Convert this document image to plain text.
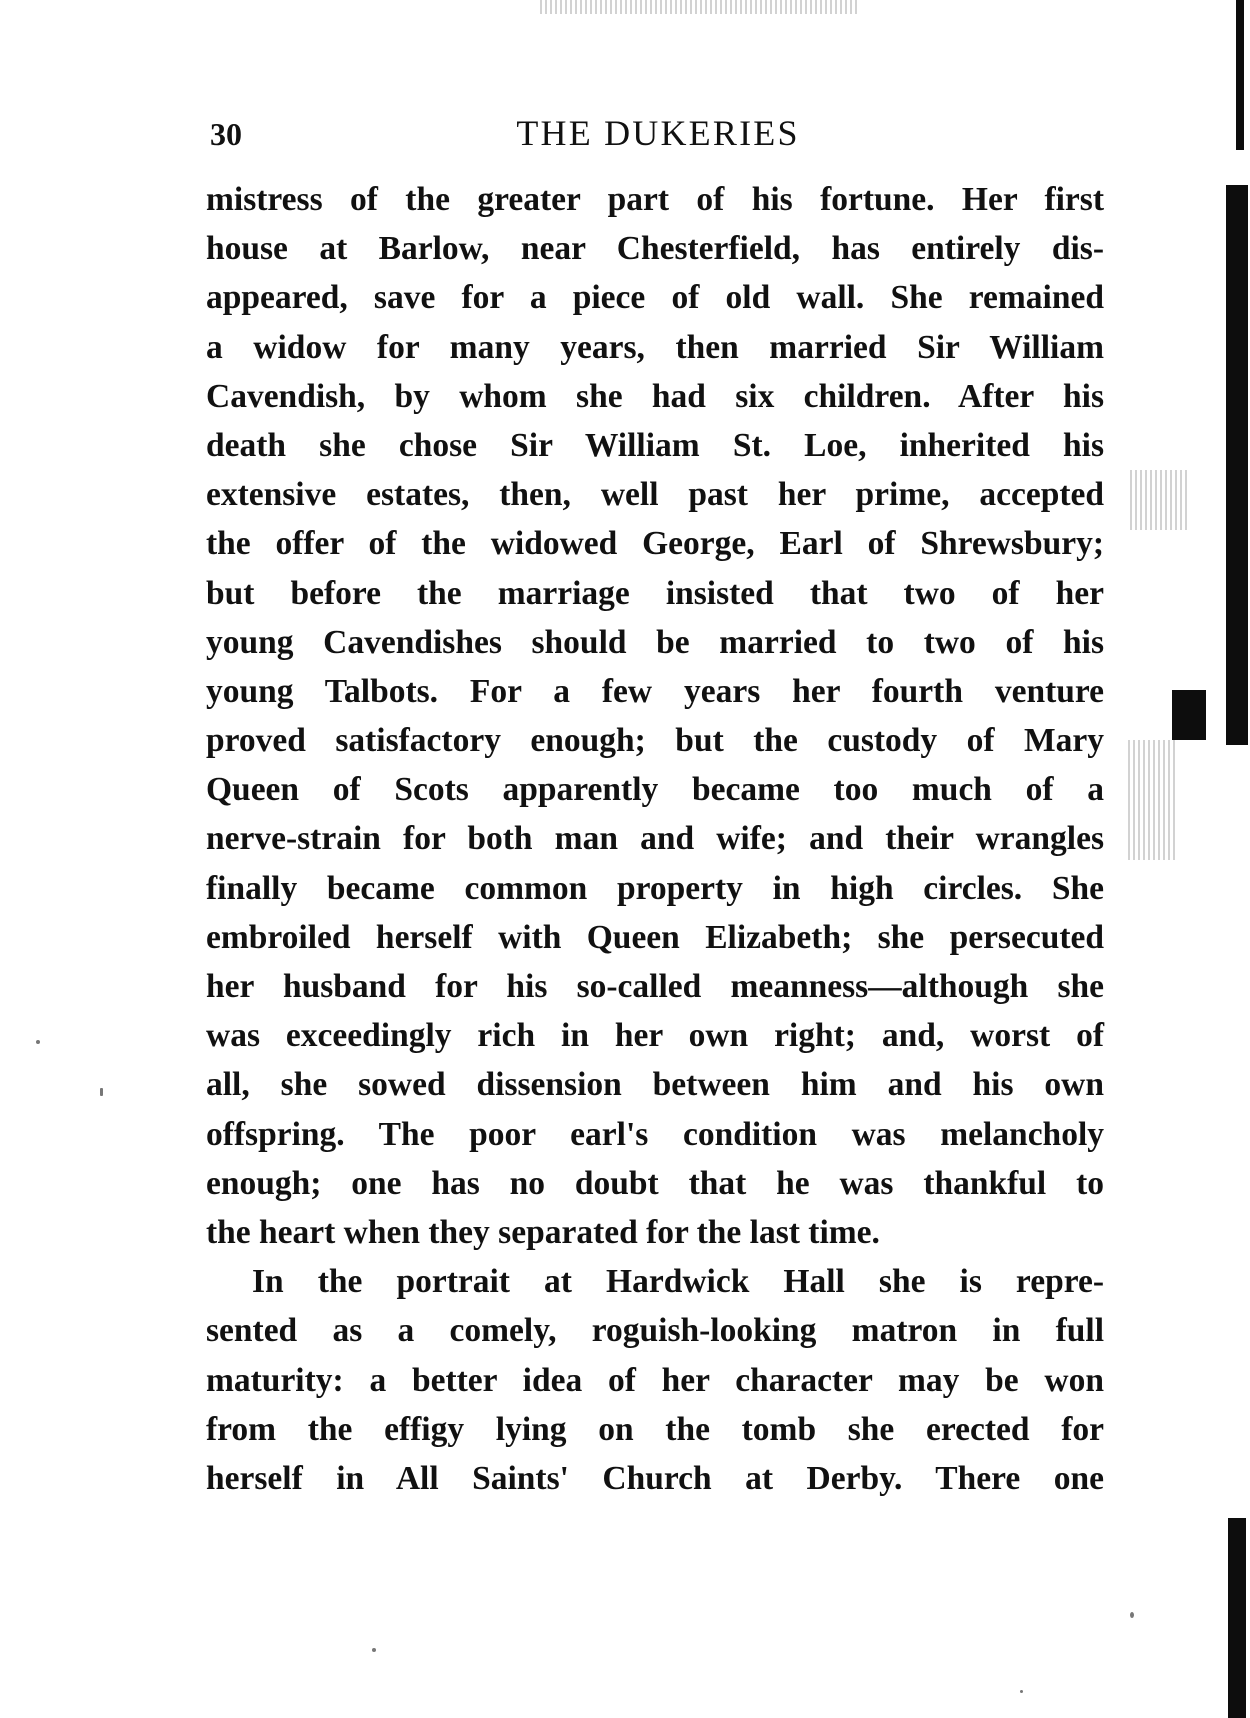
30	THE DUKERIES
mistress of the greater part of his fortune. Her first
house at Barlow, near Chesterfield, has entirely dis-
appeared, save for a piece of old wall. She remained
a widow for many years, then married Sir William
Cavendish, by whom she had six children. After his
death she chose Sir William St. Loe, inherited his
extensive estates, then, well past her prime, accepted
the offer of the widowed George, Earl of Shrewsbury;
but before the marriage insisted that two of her
young Cavendishes should be married to two of his
young Talbots. For a few years her fourth venture
proved satisfactory enough; but the custody of Mary
Queen of Scots apparently became too much of a
nerve-strain for both man and wife; and their wrangles
finally became common property in high circles. She
embroiled herself with Queen Elizabeth; she persecuted
her husband for his so-called meanness—although she
was exceedingly rich in her own right; and, worst of
all, she sowed dissension between him and his own
offspring. The poor earl's condition was melancholy
enough; one has no doubt that he was thankful to
the heart when they separated for the last time.
In the portrait at Hardwick Hall she is repre-
sented as a comely, roguish-looking matron in full
maturity: a better idea of her character may be won
from the effigy lying on the tomb she erected for
herself in All Saints' Church at Derby. There one
